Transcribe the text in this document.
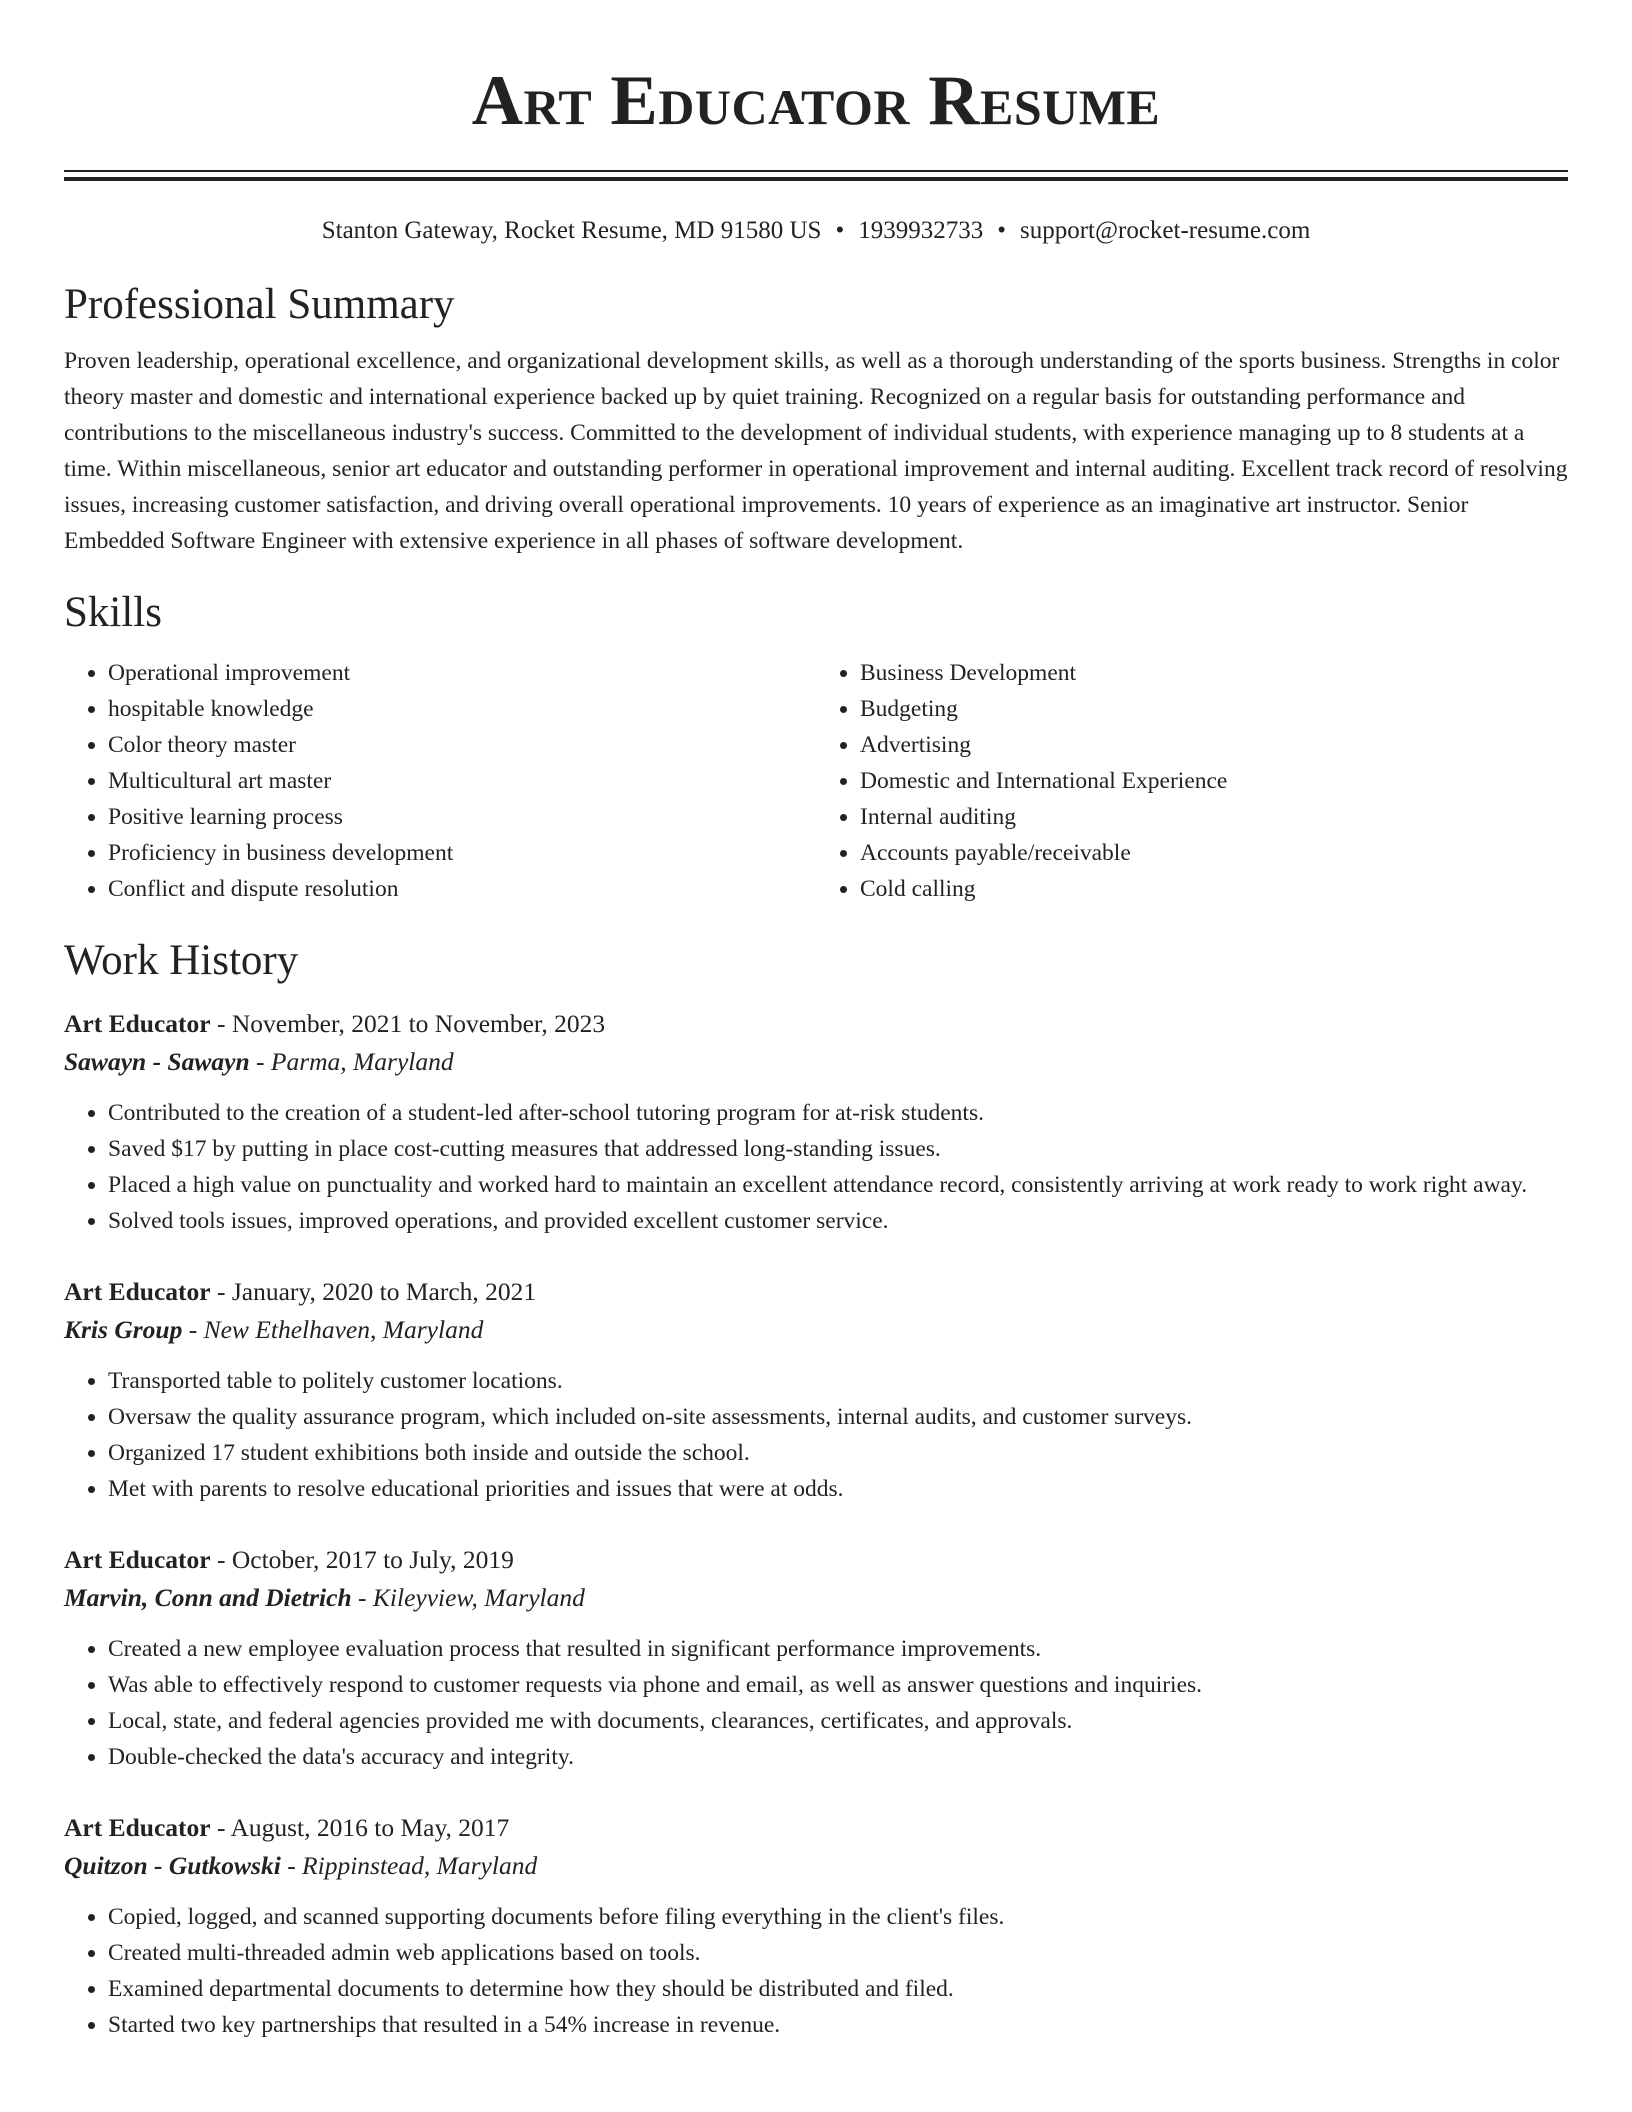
Art Educator Resume
Stanton Gateway, Rocket Resume, MD 91580 US • 1939932733 • support@rocket-resume.com
Professional Summary

Proven leadership, operational excellence, and organizational development skills, as well as a thorough understanding of the sports business. Strengths in color theory master and domestic and international experience backed up by quiet training. Recognized on a regular basis for outstanding performance and contributions to the miscellaneous industry's success. Committed to the development of individual students, with experience managing up to 8 students at a time. Within miscellaneous, senior art educator and outstanding performer in operational improvement and internal auditing. Excellent track record of resolving issues, increasing customer satisfaction, and driving overall operational improvements. 10 years of experience as an imaginative art instructor. Senior Embedded Software Engineer with extensive experience in all phases of software development.

Skills
• Operational improvement
• hospitable knowledge
• Color theory master
• Multicultural art master
• Positive learning process
• Proficiency in business development
• Conflict and dispute resolution
• Business Development
• Budgeting
• Advertising
• Domestic and International Experience
• Internal auditing
• Accounts payable/receivable
• Cold calling
Work History
Art Educator - November, 2021 to November, 2023
Sawayn - Sawayn - Parma, Maryland
• Contributed to the creation of a student-led after-school tutoring program for at-risk students.
• Saved $17 by putting in place cost-cutting measures that addressed long-standing issues.
• Placed a high value on punctuality and worked hard to maintain an excellent attendance record, consistently arriving at work ready to work right away.
• Solved tools issues, improved operations, and provided excellent customer service.
Art Educator - January, 2020 to March, 2021
Kris Group - New Ethelhaven, Maryland
• Transported table to politely customer locations.
• Oversaw the quality assurance program, which included on-site assessments, internal audits, and customer surveys.
• Organized 17 student exhibitions both inside and outside the school.
• Met with parents to resolve educational priorities and issues that were at odds.
Art Educator - October, 2017 to July, 2019
Marvin, Conn and Dietrich - Kileyview, Maryland
• Created a new employee evaluation process that resulted in significant performance improvements.
• Was able to effectively respond to customer requests via phone and email, as well as answer questions and inquiries.
• Local, state, and federal agencies provided me with documents, clearances, certificates, and approvals.
• Double-checked the data's accuracy and integrity.
Art Educator - August, 2016 to May, 2017
Quitzon - Gutkowski - Rippinstead, Maryland
• Copied, logged, and scanned supporting documents before filing everything in the client's files.
• Created multi-threaded admin web applications based on tools.
• Examined departmental documents to determine how they should be distributed and filed.
• Started two key partnerships that resulted in a 54% increase in revenue.
